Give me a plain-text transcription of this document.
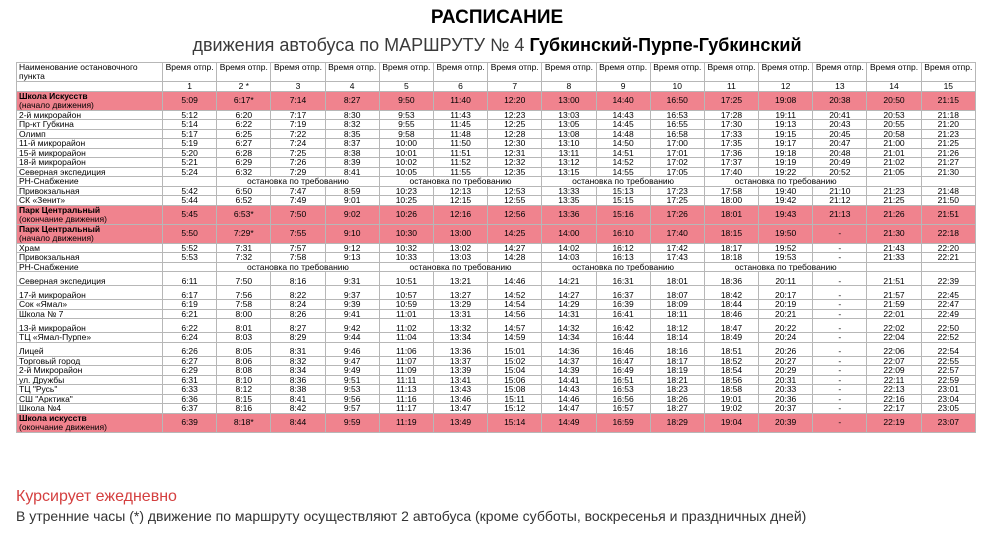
РАСПИСАНИЕ
движения автобуса по МАРШРУТУ № 4 Губкинский-Пурпе-Губкинский
Наименование остановочного пункта	Время отпр.	Время отпр.	Время отпр.	Время отпр.	Время отпр.	Время отпр.	Время отпр.	Время отпр.	Время отпр.	Время отпр.	Время отпр.	Время отпр.	Время отпр.	Время отпр.	Время отпр.
	1	2 *	3	4	5	6	7	8	9	10	11	12	13	14	15
Школа Искусств
(начало движения)	5:09	6:17*	7:14	8:27	9:50	11:40	12:20	13:00	14:40	16:50	17:25	19:08	20:38	20:50	21:15
2-й микрорайон	5:12	6:20	7:17	8:30	9:53	11:43	12:23	13:03	14:43	16:53	17:28	19:11	20:41	20:53	21:18
Пр-кт Губкина	5:14	6:22	7:19	8:32	9:55	11:45	12:25	13:05	14:45	16:55	17:30	19:13	20:43	20:55	21:20
Олимп	5:17	6:25	7:22	8:35	9:58	11:48	12:28	13:08	14:48	16:58	17:33	19:15	20:45	20:58	21:23
11-й микрорайон	5:19	6:27	7:24	8:37	10:00	11:50	12:30	13:10	14:50	17:00	17:35	19:17	20:47	21:00	21:25
15-й микрорайон	5:20	6:28	7:25	8:38	10:01	11:51	12:31	13:11	14:51	17:01	17:36	19:18	20:48	21:01	21:26
18-й микрорайон	5:21	6:29	7:26	8:39	10:02	11:52	12:32	13:12	14:52	17:02	17:37	19:19	20:49	21:02	21:27
Северная экспедиция	5:24	6:32	7:29	8:41	10:05	11:55	12:35	13:15	14:55	17:05	17:40	19:22	20:52	21:05	21:30
РН-Снабжение		остановка по требованию			остановка по требованию			остановка по требованию			остановка по требованию				
Привокзальная	5:42	6:50	7:47	8:59	10:23	12:13	12:53	13:33	15:13	17:23	17:58	19:40	21:10	21:23	21:48
СК «Зенит»	5:44	6:52	7:49	9:01	10:25	12:15	12:55	13:35	15:15	17:25	18:00	19:42	21:12	21:25	21:50
Парк Центральный
(окончание движения)	5:45	6:53*	7:50	9:02	10:26	12:16	12:56	13:36	15:16	17:26	18:01	19:43	21:13	21:26	21:51
Парк Центральный
(начало движения)	5:50	7:29*	7:55	9:10	10:30	13:00	14:25	14:00	16:10	17:40	18:15	19:50	-	21:30	22:18
Храм	5:52	7:31	7:57	9:12	10:32	13:02	14:27	14:02	16:12	17:42	18:17	19:52	-	21:43	22:20
Привокзальная	5:53	7:32	7:58	9:13	10:33	13:03	14:28	14:03	16:13	17:43	18:18	19:53	-	21:33	22:21
РН-Снабжение		остановка по требованию			остановка по требованию			остановка по требованию			остановка по требованию				
Северная экспедиция	6:11	7:50	8:16	9:31	10:51	13:21	14:46	14:21	16:31	18:01	18:36	20:11	-	21:51	22:39
17-й микрорайон	6:17	7:56	8:22	9:37	10:57	13:27	14:52	14:27	16:37	18:07	18:42	20:17	-	21:57	22:45
Сок «Ямал»	6:19	7:58	8:24	9:39	10:59	13:29	14:54	14:29	16:39	18:09	18:44	20:19	-	21:59	22:47
Школа № 7	6:21	8:00	8:26	9:41	11:01	13:31	14:56	14:31	16:41	18:11	18:46	20:21	-	22:01	22:49
13-й микрорайон	6:22	8:01	8:27	9:42	11:02	13:32	14:57	14:32	16:42	18:12	18:47	20:22	-	22:02	22:50
ТЦ «Ямал-Пурпе»	6:24	8:03	8:29	9:44	11:04	13:34	14:59	14:34	16:44	18:14	18:49	20:24	-	22:04	22:52
Лицей	6:26	8:05	8:31	9:46	11:06	13:36	15:01	14:36	16:46	18:16	18:51	20:26	-	22:06	22:54
Торговый город	6:27	8:06	8:32	9:47	11:07	13:37	15:02	14:37	16:47	18:17	18:52	20:27	-	22:07	22:55
2-й Микрорайон	6:29	8:08	8:34	9:49	11:09	13:39	15:04	14:39	16:49	18:19	18:54	20:29	-	22:09	22:57
ул. Дружбы	6:31	8:10	8:36	9:51	11:11	13:41	15:06	14:41	16:51	18:21	18:56	20:31	-	22:11	22:59
ТЦ "Русь"	6:33	8:12	8:38	9:53	11:13	13:43	15:08	14:43	16:53	18:23	18:58	20:33	-	22:13	23:01
СШ "Арктика"	6:36	8:15	8:41	9:56	11:16	13:46	15:11	14:46	16:56	18:26	19:01	20:36	-	22:16	23:04
Школа №4	6:37	8:16	8:42	9:57	11:17	13:47	15:12	14:47	16:57	18:27	19:02	20:37	-	22:17	23:05
Школа искусств
(окончание движения)	6:39	8:18*	8:44	9:59	11:19	13:49	15:14	14:49	16:59	18:29	19:04	20:39	-	22:19	23:07
Курсирует ежедневно
В утренние часы (*) движение по маршруту осуществляют 2 автобуса (кроме субботы, воскресенья и праздничных дней)
